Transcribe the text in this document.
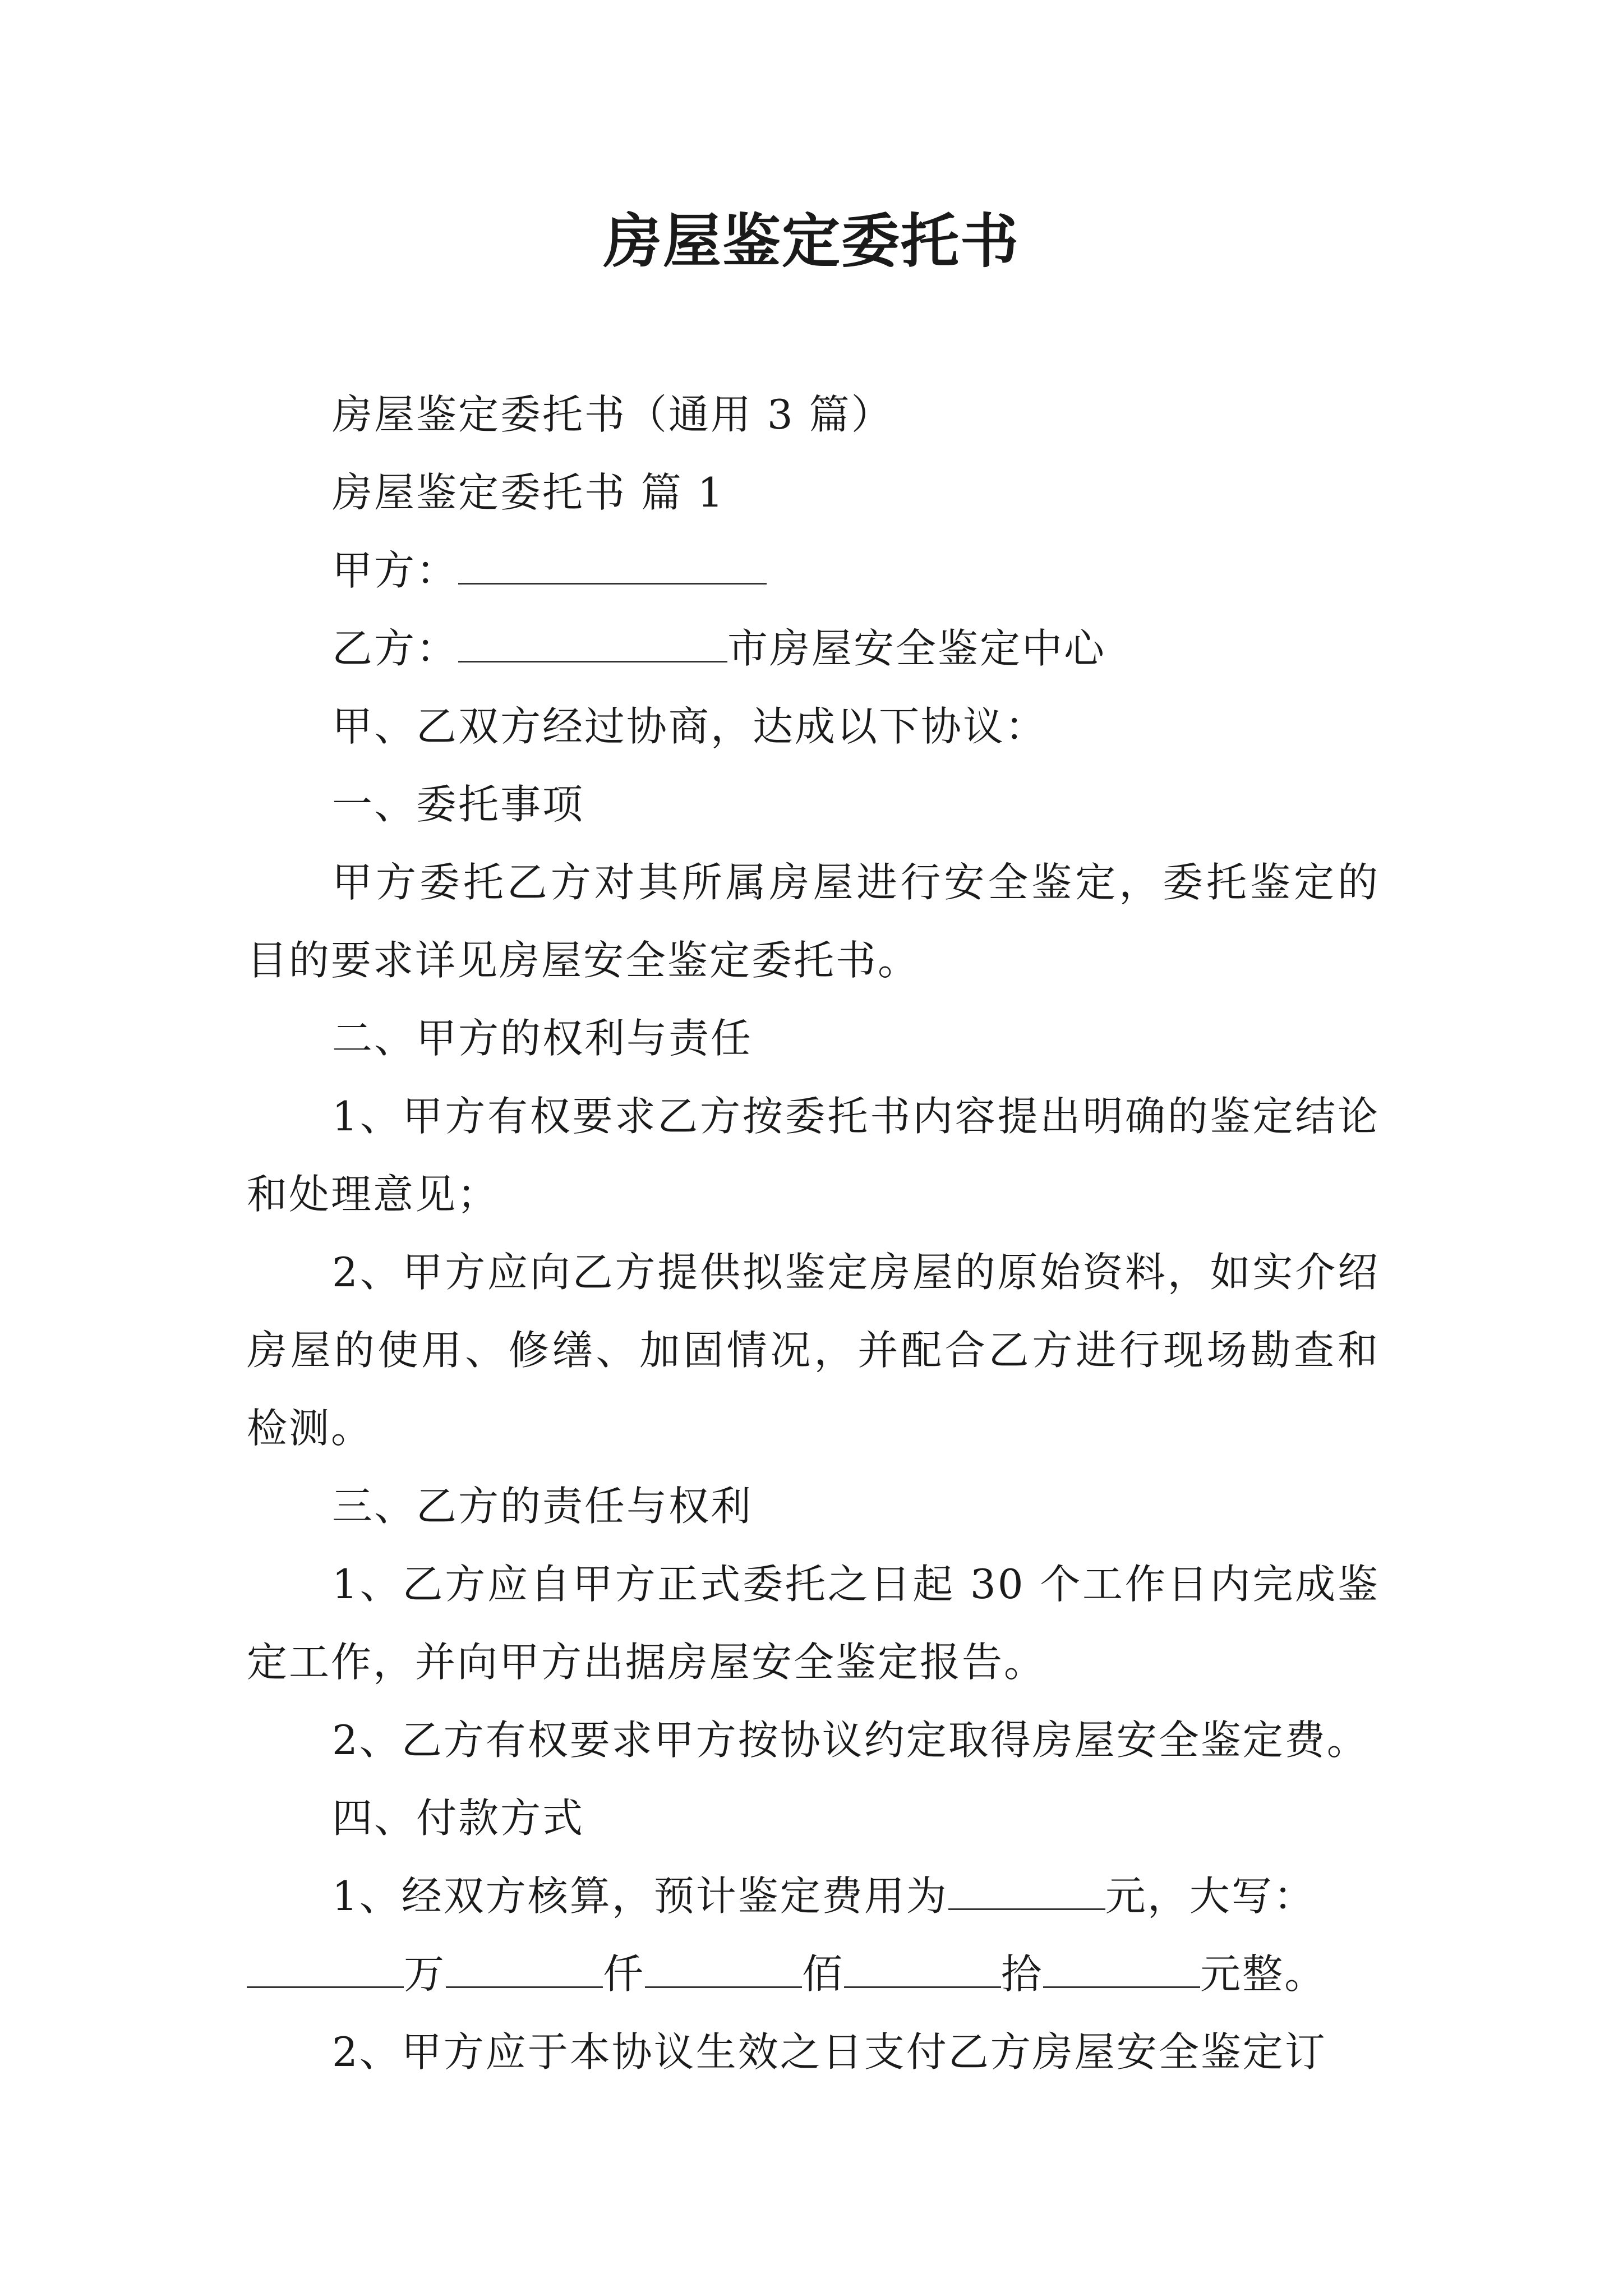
房屋鉴定委托书

房屋鉴定委托书（通用 3 篇）

房屋鉴定委托书 篇 1

甲方：

乙方：	市房屋安全鉴定中心

甲、乙双方经过协商，达成以下协议：

一、委托事项

甲方委托乙方对其所属房屋进行安全鉴定，委托鉴定的目的要求详见房屋安全鉴定委托书。

二、甲方的权利与责任

1、甲方有权要求乙方按委托书内容提出明确的鉴定结论和处理意见；

2、甲方应向乙方提供拟鉴定房屋的原始资料，如实介绍房屋的使用、修缮、加固情况，并配合乙方进行现场勘查和检测。

三、乙方的责任与权利

1、乙方应自甲方正式委托之日起 30 个工作日内完成鉴定工作，并向甲方出据房屋安全鉴定报告。

2、乙方有权要求甲方按协议约定取得房屋安全鉴定费。

四、付款方式

1、经双方核算，预计鉴定费用为	元，大写：

万	仟	佰	拾	元整。

2、甲方应于本协议生效之日支付乙方房屋安全鉴定订
